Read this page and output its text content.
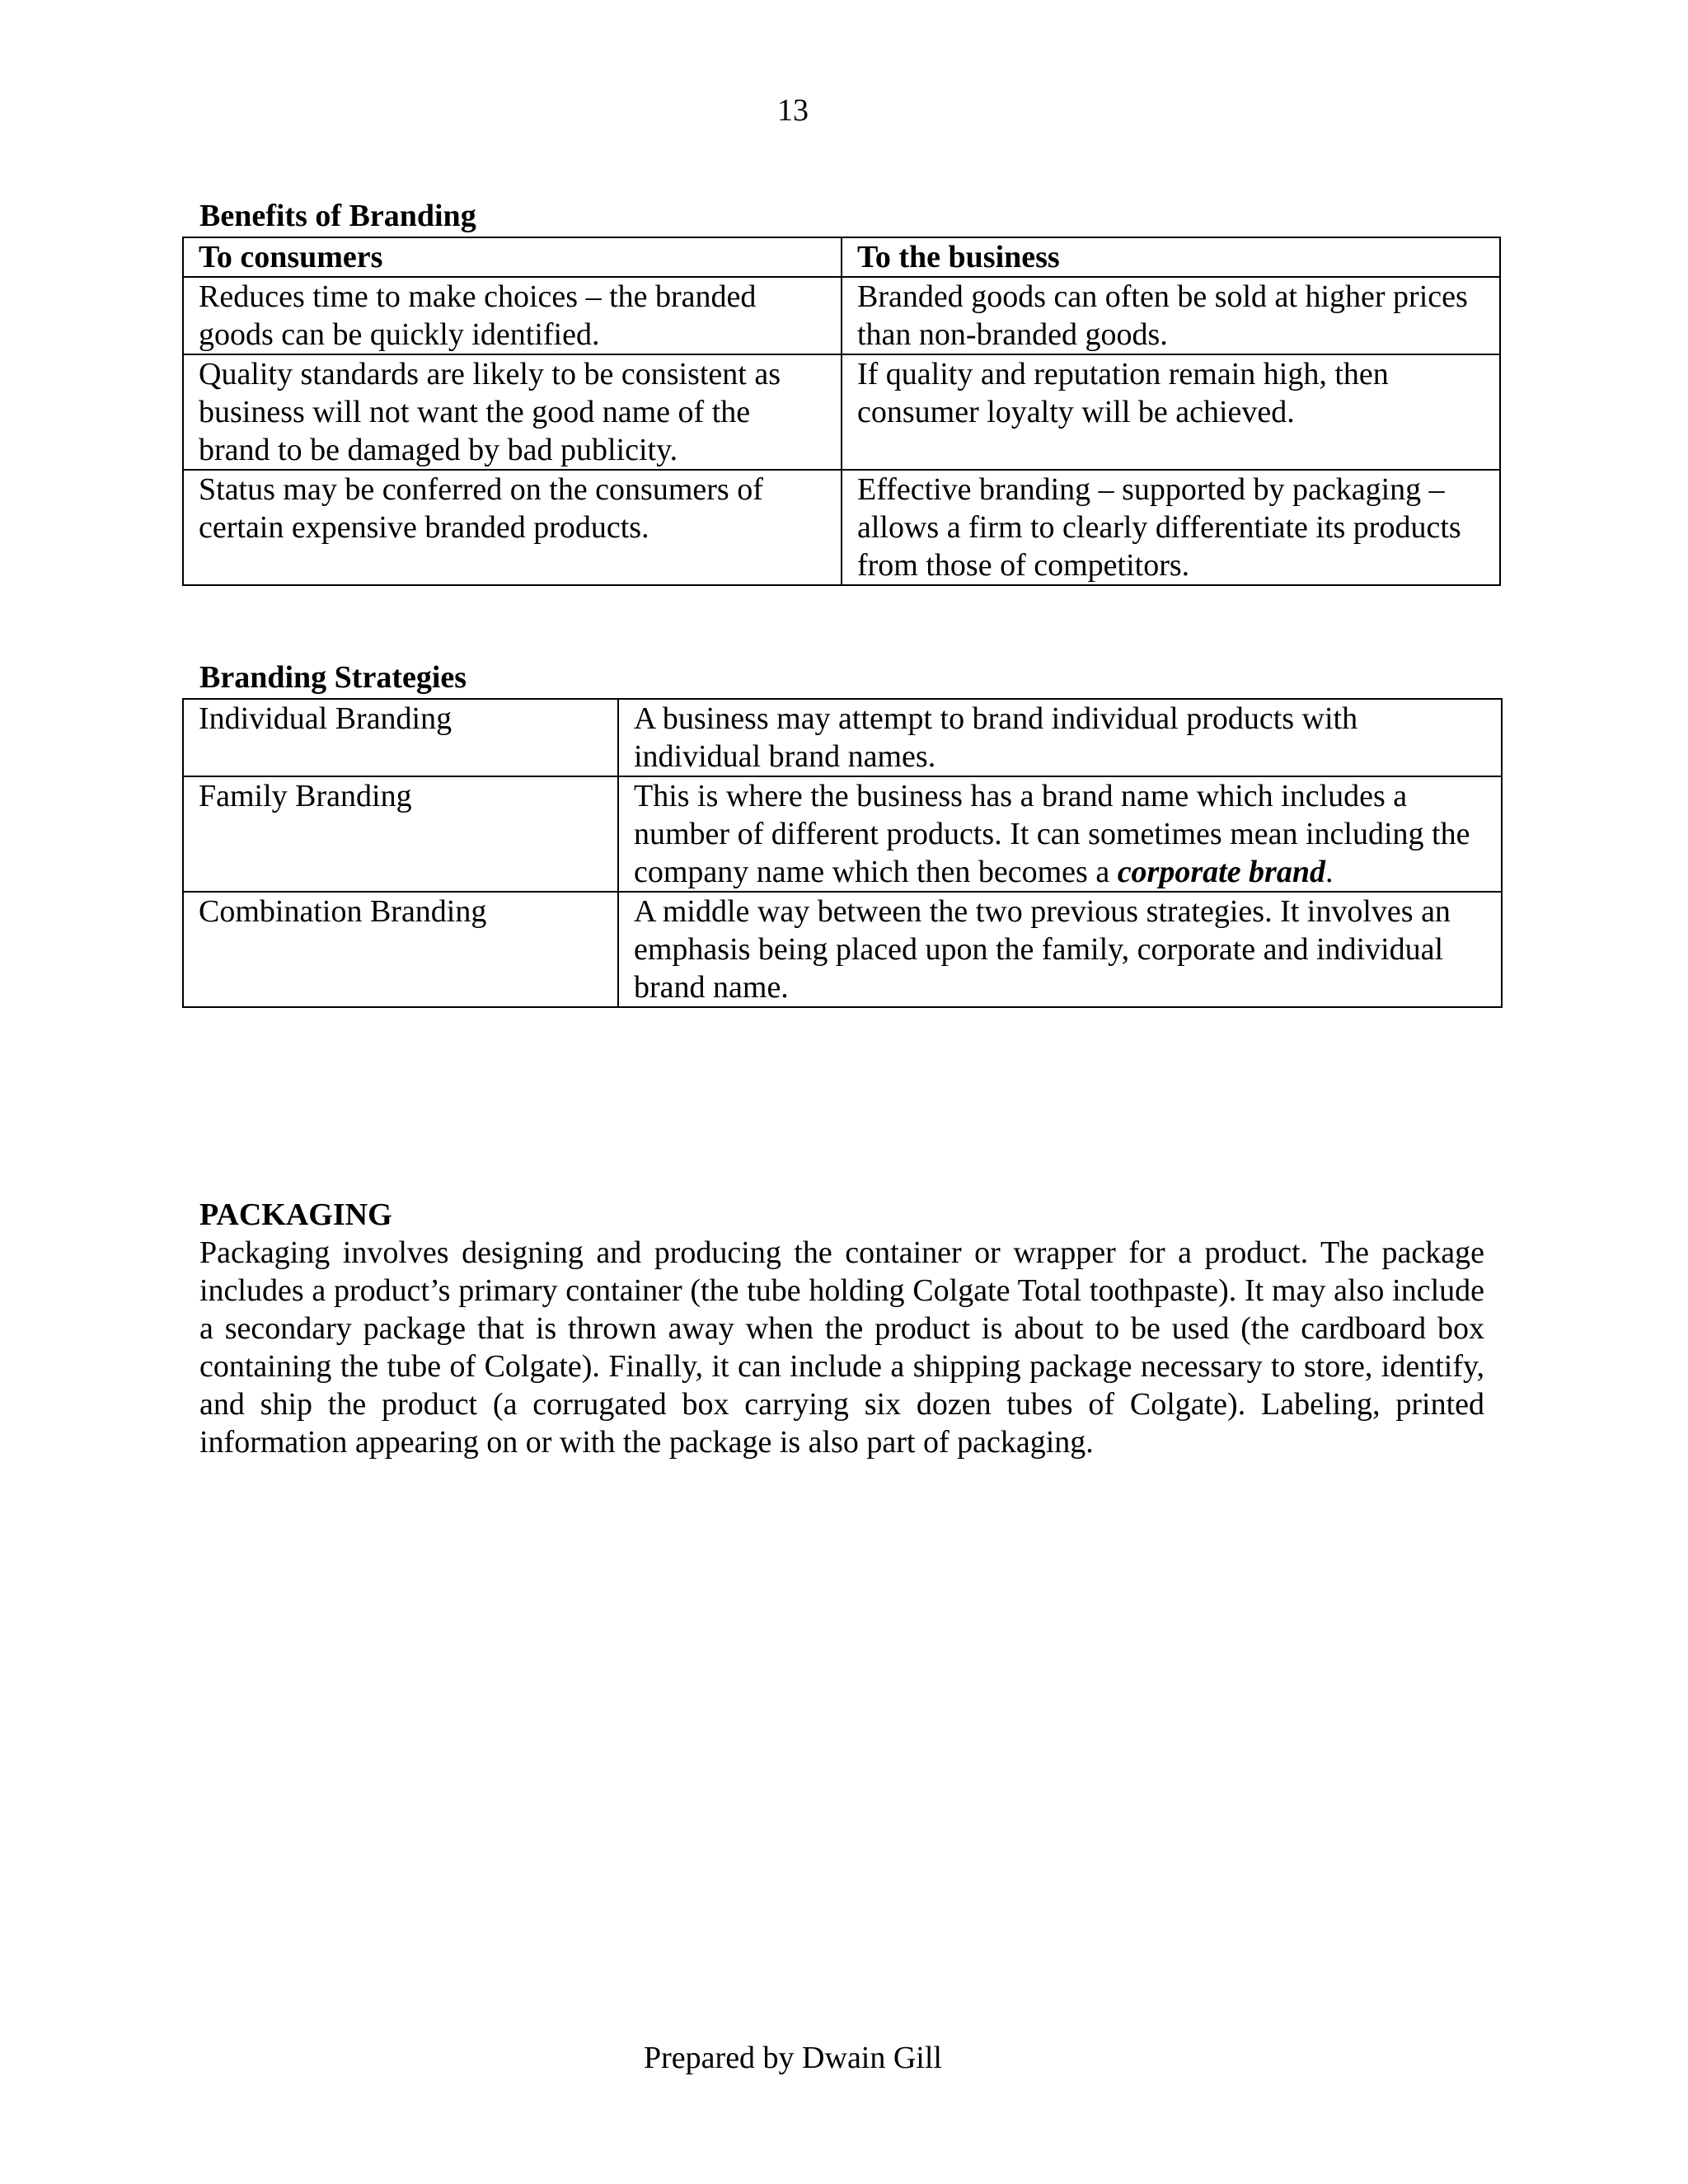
13
Benefits of Branding
To consumers	To the business
Reduces time to make choices – the branded goods can be quickly identified.	Branded goods can often be sold at higher prices than non-branded goods.
Quality standards are likely to be consistent as business will not want the good name of the brand to be damaged by bad publicity.	If quality and reputation remain high, then consumer loyalty will be achieved.
Status may be conferred on the consumers of certain expensive branded products.	Effective branding – supported by packaging – allows a firm to clearly differentiate its products from those of competitors.
Branding Strategies
Individual Branding	A business may attempt to brand individual products with individual brand names.
Family Branding	This is where the business has a brand name which includes a number of different products. It can sometimes mean including the company name which then becomes a corporate brand.
Combination Branding	A middle way between the two previous strategies. It involves an emphasis being placed upon the family, corporate and individual brand name.
PACKAGING
Packaging involves designing and producing the container or wrapper for a product. The package includes a product’s primary container (the tube holding Colgate Total toothpaste). It may also include a secondary package that is thrown away when the product is about to be used (the cardboard box containing the tube of Colgate). Finally, it can include a shipping package necessary to store, identify, and ship the product (a corrugated box carrying six dozen tubes of Colgate). Labeling, printed information appearing on or with the package is also part of packaging.
Prepared by Dwain Gill
